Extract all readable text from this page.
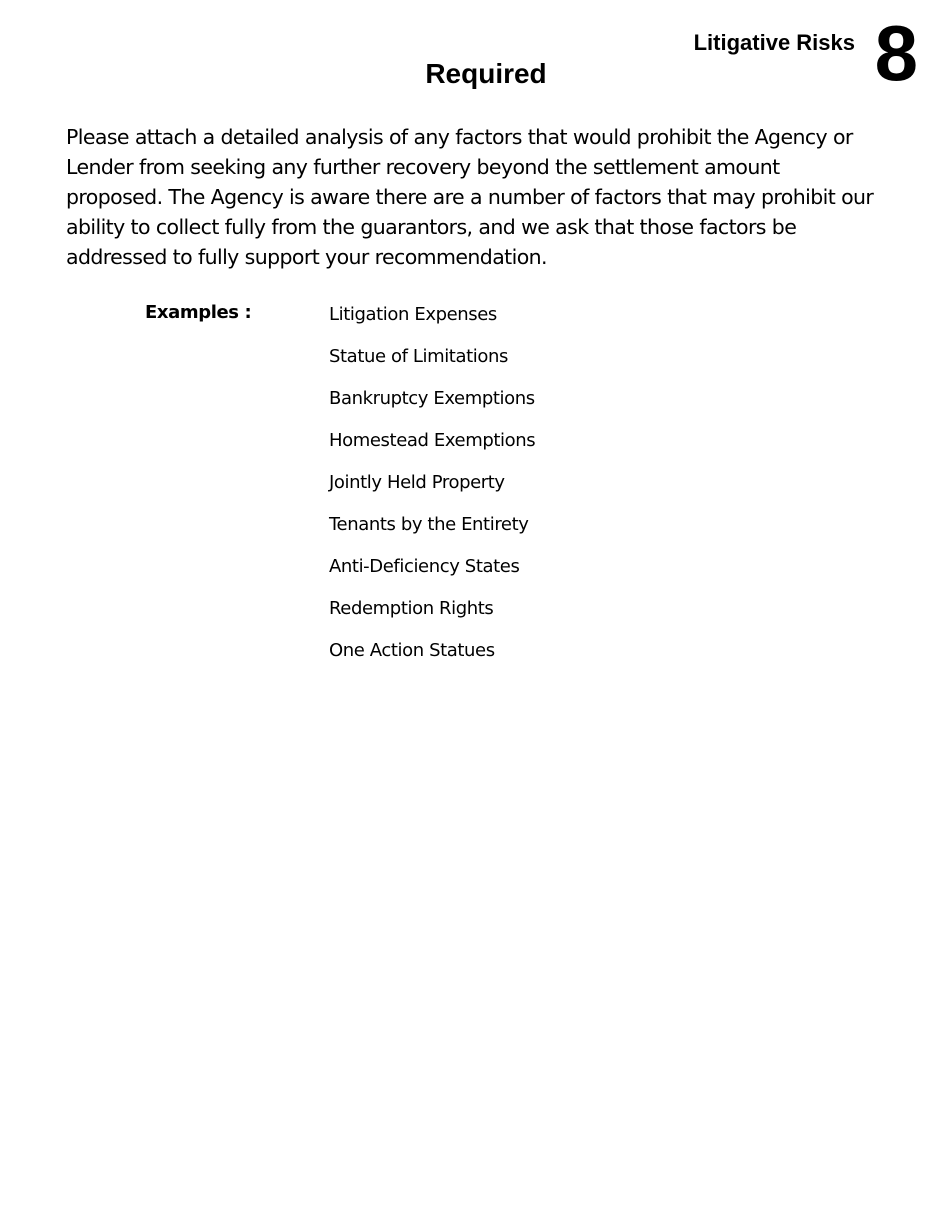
Litigative Risks 8
Required

Please attach a detailed analysis of any factors that would prohibit the Agency or Lender from seeking any further recovery beyond the settlement amount proposed. The Agency is aware there are a number of factors that may prohibit our ability to collect fully from the guarantors, and we ask that those factors be addressed to fully support your recommendation.

Examples :	Litigation Expenses
Statue of Limitations
Bankruptcy Exemptions
Homestead Exemptions
Jointly Held Property
Tenants by the Entirety
Anti-Deficiency States
Redemption Rights
One Action Statues
